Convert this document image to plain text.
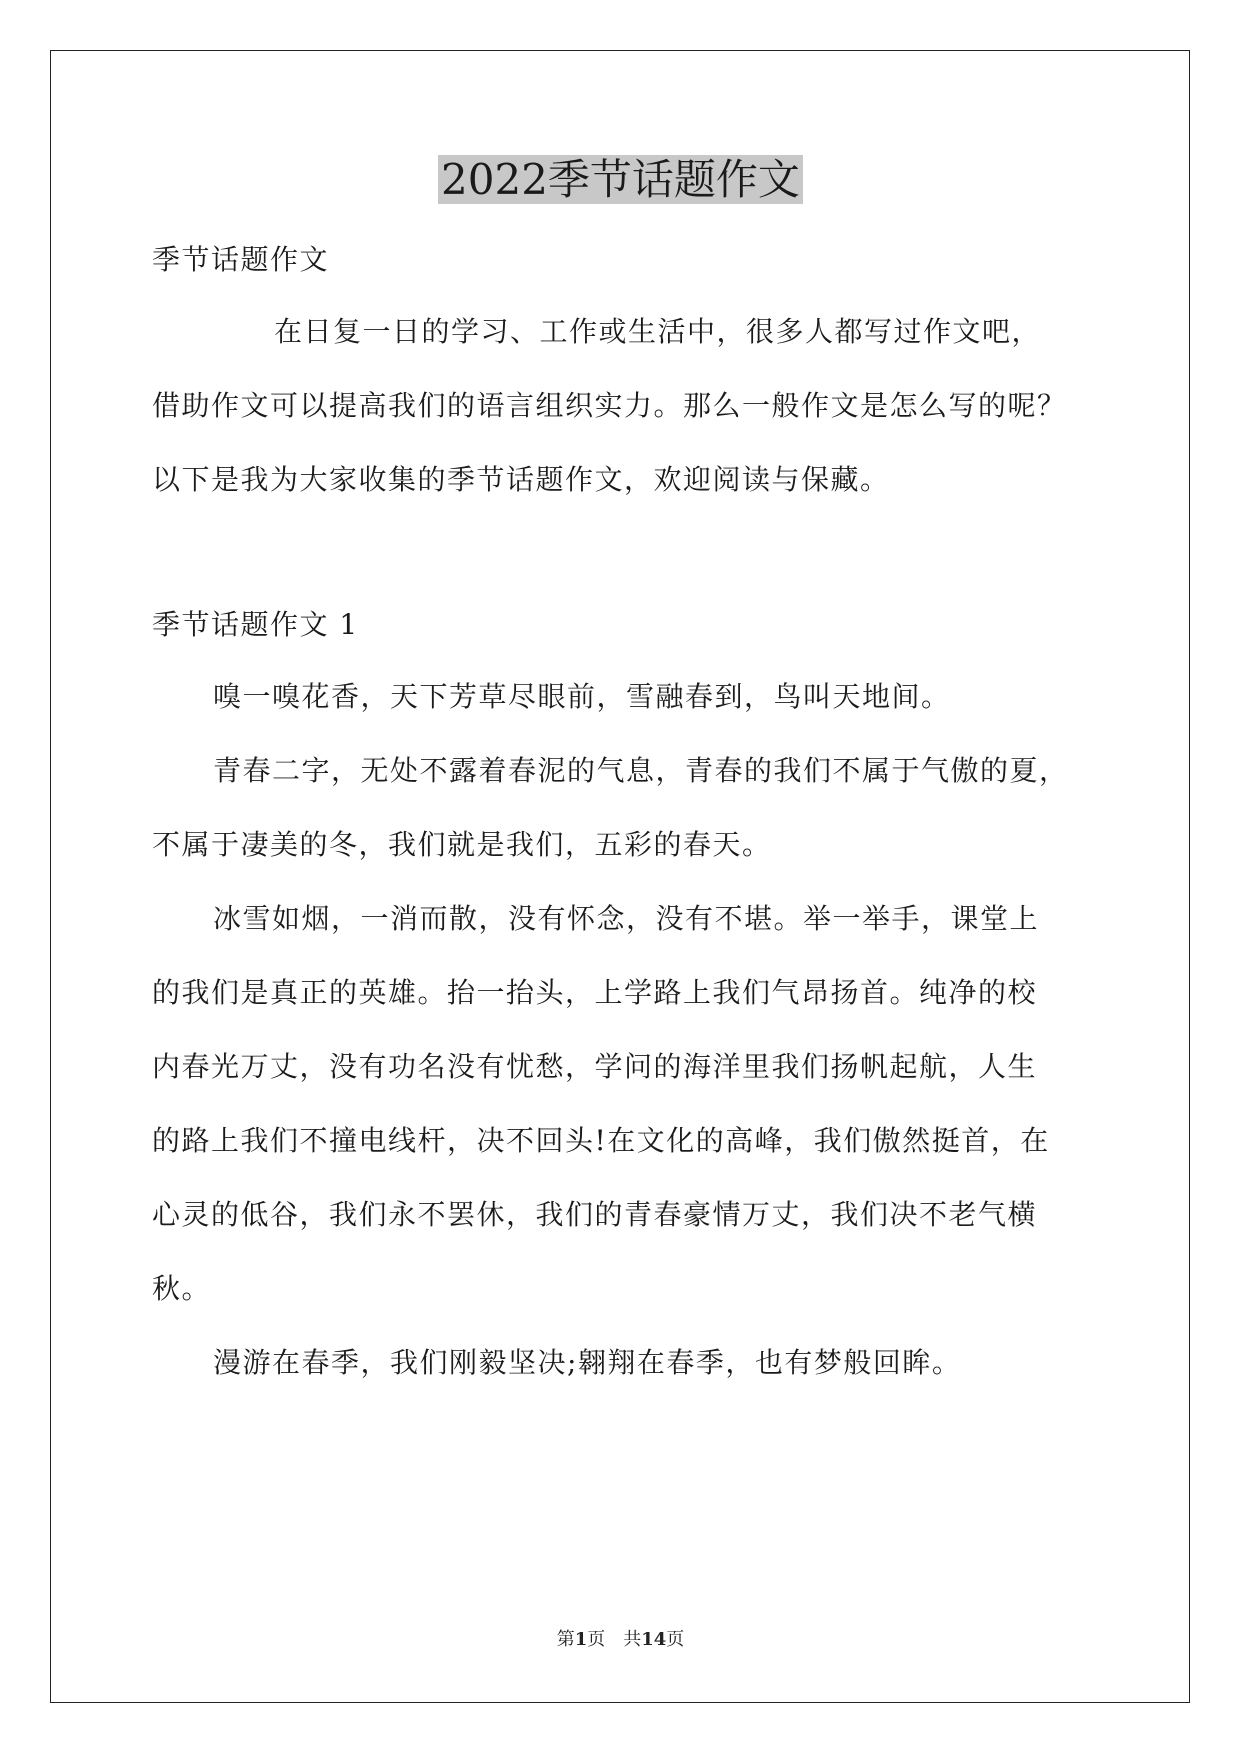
2022季节话题作文

季节话题作文

在日复一日的学习、工作或生活中，很多人都写过作文吧，

借助作文可以提高我们的语言组织实力。那么一般作文是怎么写的呢？

以下是我为大家收集的季节话题作文，欢迎阅读与保藏。

季节话题作文 1

嗅一嗅花香，天下芳草尽眼前，雪融春到，鸟叫天地间。

青春二字，无处不露着春泥的气息，青春的我们不属于气傲的夏，

不属于凄美的冬，我们就是我们，五彩的春天。

冰雪如烟，一消而散，没有怀念，没有不堪。举一举手，课堂上

的我们是真正的英雄。抬一抬头，上学路上我们气昂扬首。纯净的校

内春光万丈，没有功名没有忧愁，学问的海洋里我们扬帆起航，人生

的路上我们不撞电线杆，决不回头!在文化的高峰，我们傲然挺首，在

心灵的低谷，我们永不罢休，我们的青春豪情万丈，我们决不老气横

秋。

漫游在春季，我们刚毅坚决;翱翔在春季，也有梦般回眸。

第1页　共14页
